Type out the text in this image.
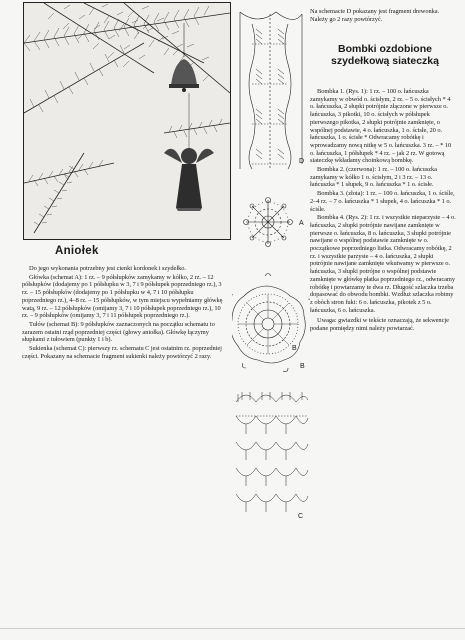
Aniołek

Do jego wykonania potrzebny jest cienki kordonek i szydełko.

Główka (schemat A): 1 rz. – 9 półsłupków zamykamy w kółko, 2 rz. – 12 półsłupków (dodajemy po 1 półsłupku w 3, 7 i 9 półsłupek poprzedniego rz.), 3 rz. – 15 półsłupków (dodajemy po 1 półsłupku w 4, 7 i 10 półsłupku poprzedniego rz.), 4–8 rz. – 15 półsłupków, w tym miejscu wypełniamy główkę watą, 9 rz. – 12 półsłupków (omijamy 3, 7 i 10 półsłupek poprzedniego rz.), 10 rz. – 9 półsłupków (omijamy 3, 7 i 11 półsłupek poprzedniego rz.).

Tułów (schemat B): 9 półsłupków zaznaczonych na początku schematu to zarazem ostatni rząd poprzedniej części (głowy aniołka). Główkę łączymy słupkami z tułowiem (punkty 1 i b).

Sukienka (schemat C): pierwszy rz. schematu C jest ostatnim rz. poprzedniej części. Pokazany na schemacie fragment sukienki należy powtórzyć 2 razy.

D
A
B
B
C

Na schemacie D pokazany jest fragment drewonka. Należy go 2 razy powtórzyć.

Bombki ozdobione szydełkową siateczką

Bombka 1. (Rys. 1): 1 rz. – 100 o. łańcuszka zamykamy w obwód o. ścisłym, 2 rz. – 5 o. ścisłych * 4 o. łańcuszka, 2 słupki potrójnie złączone w pierwsze o. łańcuszka, 3 pikotki, 10 o. ścisłych w półsłupek pierwszego pikotka, 2 słupki potrójnie zamknięte, o wspólnej podstawie, 4 o. łańcuszka, 1 o. ścisłe, 20 o. łańcuszka, 1 o. ścisłe * Odwracamy robótkę i wprowadzamy nową nitkę w 5 o. łańcuszka. 3 rz. – * 10 o. łańcuszka, 1 półsłupek * 4 rz. – jak 2 rz. W gotową siateczkę wkładamy choinkową bombkę.

Bombka 2. (czerwona): 1 rz. – 100 o. łańcuszka zamykamy w kółko 1 o. ścisłym, 2 i 3 rz. – 13 o. łańcuszka * 1 słupek, 9 o. łańcuszka * 1 o. ścisłe.

Bombka 3. (złota): 1 rz. – 100 o. łańcuszka, 1 o. ściśle, 2–4 rz. – 7 o. łańcuszka * 1 słupek, 4 o. łańcuszka * 1 o. ściśle.

Bombka 4. (Rys. 2): 1 rz. i wszystkie nieparzyste – 4 o. łańcuszka, 2 słupki potrójnie nawijane zamknięte w pierwsze o. łańcuszka, 8 o. łańcuszka, 3 słupki potrójnie nawijane o wspólnej podstawie zamknięte w o. początkowe poprzedniego listka. Odwracamy robótkę, 2 rz. i wszystkie parzyste – 4 o. łańcuszka, 2 słupki potrójnie nawijane zamknięte wkutwamy w pierwsze o. łańcuszka, 3 słupki potrójne o wspólnej podstawie zamknięte w główkę płatka poprzedniego rz., odwracamy robótkę i powtarzamy te dwa rz. Długość szlaczka trzeba dopasować do obwodu bombki. Wzdłuż szlaczka robimy z obóch stron fuki: 6 o. łańcuszka, pikotek z 5 o. łańcuszka, 6 o. łańcuszka.

Uwaga: gwiazdki w tekście oznaczają, że sekwencje podane pomiędzy nimi należy powtarzać.
